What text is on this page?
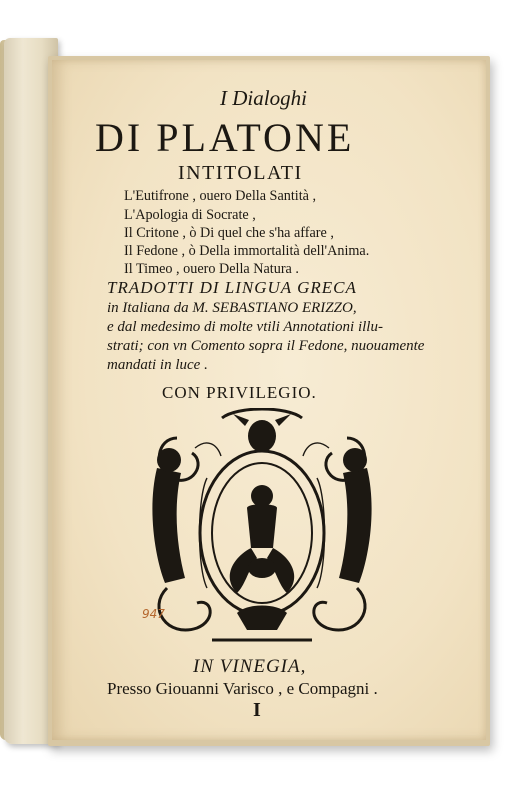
I Dialoghi
DI PLATONE
INTITOLATI
L'Eutifrone , ouero Della Santità ,
L'Apologia di Socrate ,
Il Critone , ò Di quel che s'ha affare ,
Il Fedone , ò Della immortalità dell'Anima.
Il Timeo , ouero Della Natura .
TRADOTTI DI LINGUA GRECA
in Italiana da M. SEBASTIANO ERIZZO,
e dal medesimo di molte vtili Annotationi illu-
strati; con vn Comento sopra il Fedone, nuouamente
mandati in luce .
CON PRIVILEGIO.
947
IN VINEGIA,
Presso Giouanni Varisco , e Compagni .
I
